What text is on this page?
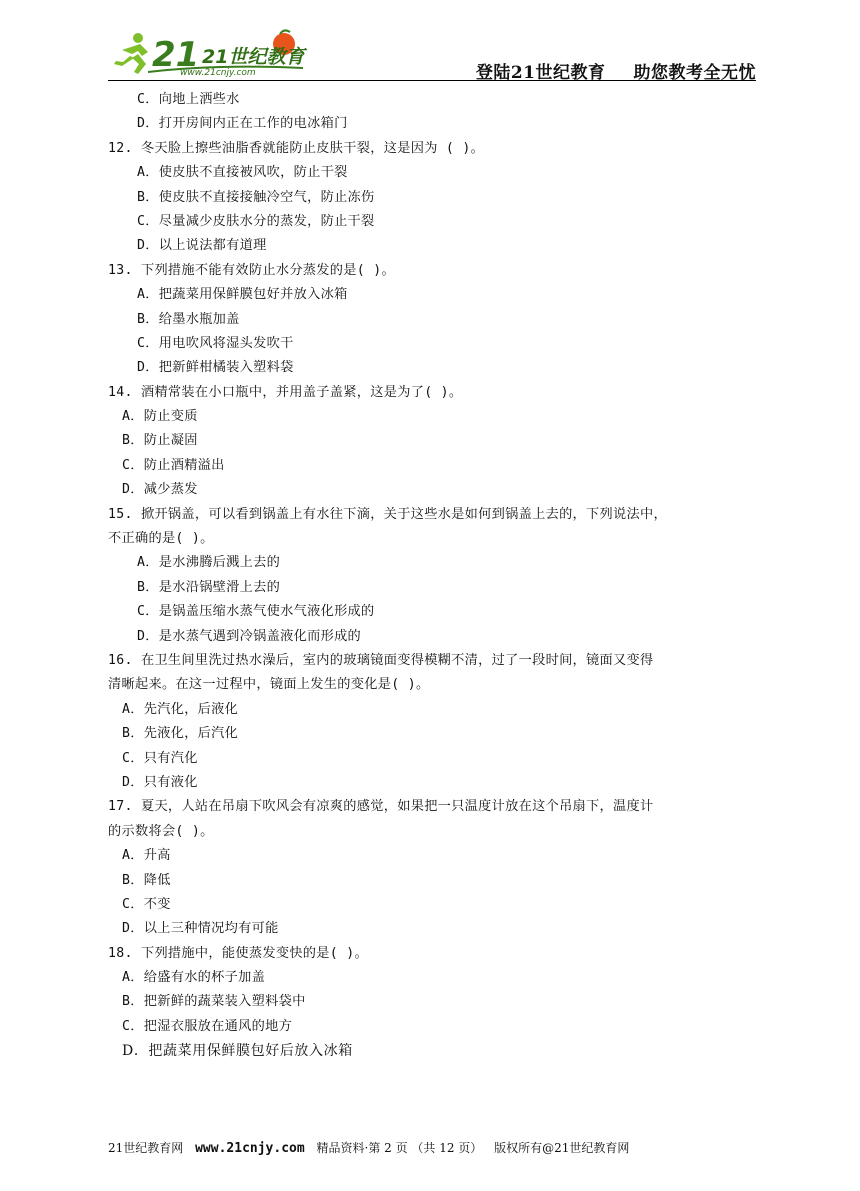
21 21世纪教育
www.21cnjy.com	登陆21世纪教育 助您教考全无忧
C．向地上洒些水
D．打开房间内正在工作的电冰箱门
12. 冬天脸上擦些油脂香就能防止皮肤干裂，这是因为 ( )。
A．使皮肤不直接被风吹，防止干裂
B．使皮肤不直接接触冷空气，防止冻伤
C．尽量减少皮肤水分的蒸发，防止干裂
D．以上说法都有道理
13. 下列措施不能有效防止水分蒸发的是( )。
A．把蔬菜用保鲜膜包好并放入冰箱
B．给墨水瓶加盖
C．用电吹风将湿头发吹干
D．把新鲜柑橘装入塑料袋
14. 酒精常装在小口瓶中，并用盖子盖紧，这是为了( )。
A．防止变质
B．防止凝固
C．防止酒精溢出
D．减少蒸发
15. 掀开锅盖，可以看到锅盖上有水往下滴，关于这些水是如何到锅盖上去的，下列说法中，
不正确的是( )。
A．是水沸腾后溅上去的
B．是水沿锅壁滑上去的
C．是锅盖压缩水蒸气使水气液化形成的
D．是水蒸气遇到冷锅盖液化而形成的
16. 在卫生间里洗过热水澡后，室内的玻璃镜面变得模糊不清，过了一段时间，镜面又变得
清晰起来。在这一过程中，镜面上发生的变化是( )。
A．先汽化，后液化
B．先液化，后汽化
C．只有汽化
D．只有液化
17. 夏天，人站在吊扇下吹风会有凉爽的感觉，如果把一只温度计放在这个吊扇下，温度计
的示数将会( )。
A．升高
B．降低
C．不变
D．以上三种情况均有可能
18. 下列措施中，能使蒸发变快的是( )。
A．给盛有水的杯子加盖
B．把新鲜的蔬菜装入塑料袋中
C．把湿衣服放在通风的地方
D．把蔬菜用保鲜膜包好后放入冰箱
21世纪教育网 www.21cnjy.com 精品资料·第 2 页 （共 12 页） 版权所有@21世纪教育网
